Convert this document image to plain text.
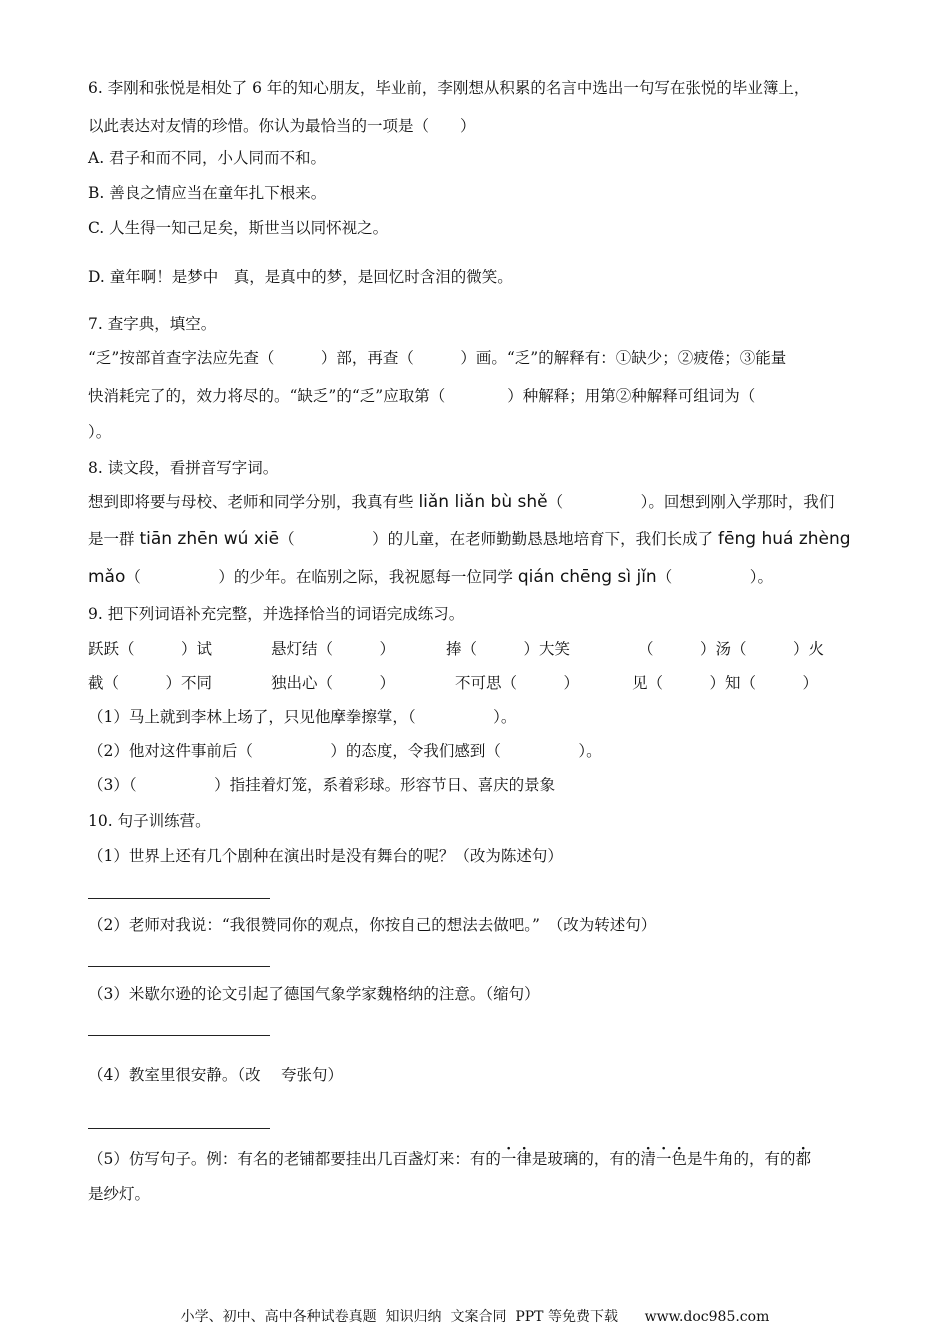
6. 李刚和张悦是相处了 6 年的知心朋友，毕业前，李刚想从积累的名言中选出一句写在张悦的毕业簿上，
以此表达对友情的珍惜。你认为最恰当的一项是（　　）
A. 君子和而不同，小人同而不和。
B. 善良之情应当在童年扎下根来。
C. 人生得一知己足矣，斯世当以同怀视之。
D. 童年啊！是梦中　真，是真中的梦，是回忆时含泪的微笑。
7. 查字典，填空。
“乏”按部首查字法应先查（　　　）部，再查（　　　）画。“乏”的解释有：①缺少；②疲倦；③能量
快消耗完了的，效力将尽的。“缺乏”的“乏”应取第（　　　　）种解释；用第②种解释可组词为（
）。
8. 读文段，看拼音写字词。
想到即将要与母校、老师和同学分别，我真有些 liǎn liǎn bù shě（　　　　　）。回想到刚入学那时，我们
是一群 tiān zhēn wú xiē（　　　　　）的儿童，在老师勤勤恳恳地培育下，我们长成了 fēng huá zhèng
mǎo（　　　　　）的少年。在临别之际，我祝愿每一位同学 qián chēng sì jǐn（　　　　　）。
9. 把下列词语补充完整，并选择恰当的词语完成练习。
跃跃（　　　）试	悬灯结（　　　）	捧（　　　）大笑	（　　　）汤（　　　）火
截（　　　）不同	独出心（　　　）	不可思（　　　）	见（　　　）知（　　　）
（1）马上就到李林上场了，只见他摩拳擦掌，（　　　　　）。
（2）他对这件事前后（　　　　　）的态度，令我们感到（　　　　　）。
（3）（　　　　　）指挂着灯笼，系着彩球。形容节日、喜庆的景象
10. 句子训练营。
（1）世界上还有几个剧种在演出时是没有舞台的呢？（改为陈述句）
（2）老师对我说：“我很赞同你的观点，你按自己的想法去做吧。”　（改为转述句）
（3）米歇尔逊的论文引起了德国气象学家魏格纳的注意。（缩句）
（4）教室里很安静。（改　 夸张句）
（5）仿写句子。例：有名的老铺都要挂出几百盏灯来：有的一律是玻璃的，有的清一色是牛角的，有的都
是纱灯。
小学、初中、高中各种试卷真题  知识归纳  文案合同  PPT 等免费下载      www.doc985.com
